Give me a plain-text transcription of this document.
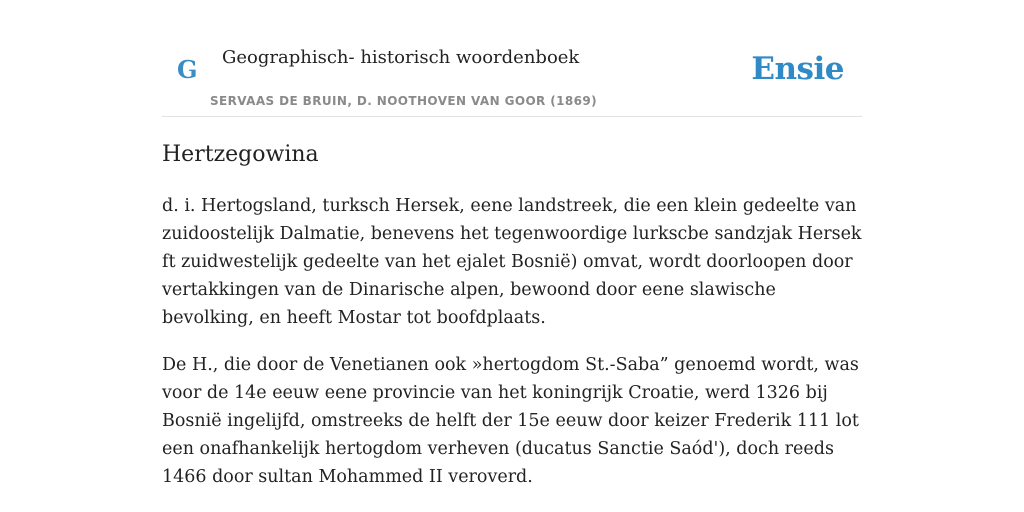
G Geographisch- historisch woordenboek
SERVAAS DE BRUIN, D. NOOTHOVEN VAN GOOR (1869)
Ensie
Hertzegowina

d. i. Hertogsland, turksch Hersek, eene landstreek, die een klein gedeelte van zuidoostelijk Dalmatie, benevens het tegenwoordige lurkscbe sandzjak Hersek ft zuidwestelijk gedeelte van het ejalet Bosnië) omvat, wordt doorloopen door vertakkingen van de Dinarische alpen, bewoond door eene slawische bevolking, en heeft Mostar tot boofdplaats.

De H., die door de Venetianen ook »hertogdom St.-Saba” genoemd wordt, was voor de 14e eeuw eene provincie van het koningrijk Croatie, werd 1326 bij Bosnië ingelijfd, omstreeks de helft der 15e eeuw door keizer Frederik 111 lot een onafhankelijk hertogdom verheven (ducatus Sanctie Saód'), doch reeds 1466 door sultan Mohammed II veroverd.
